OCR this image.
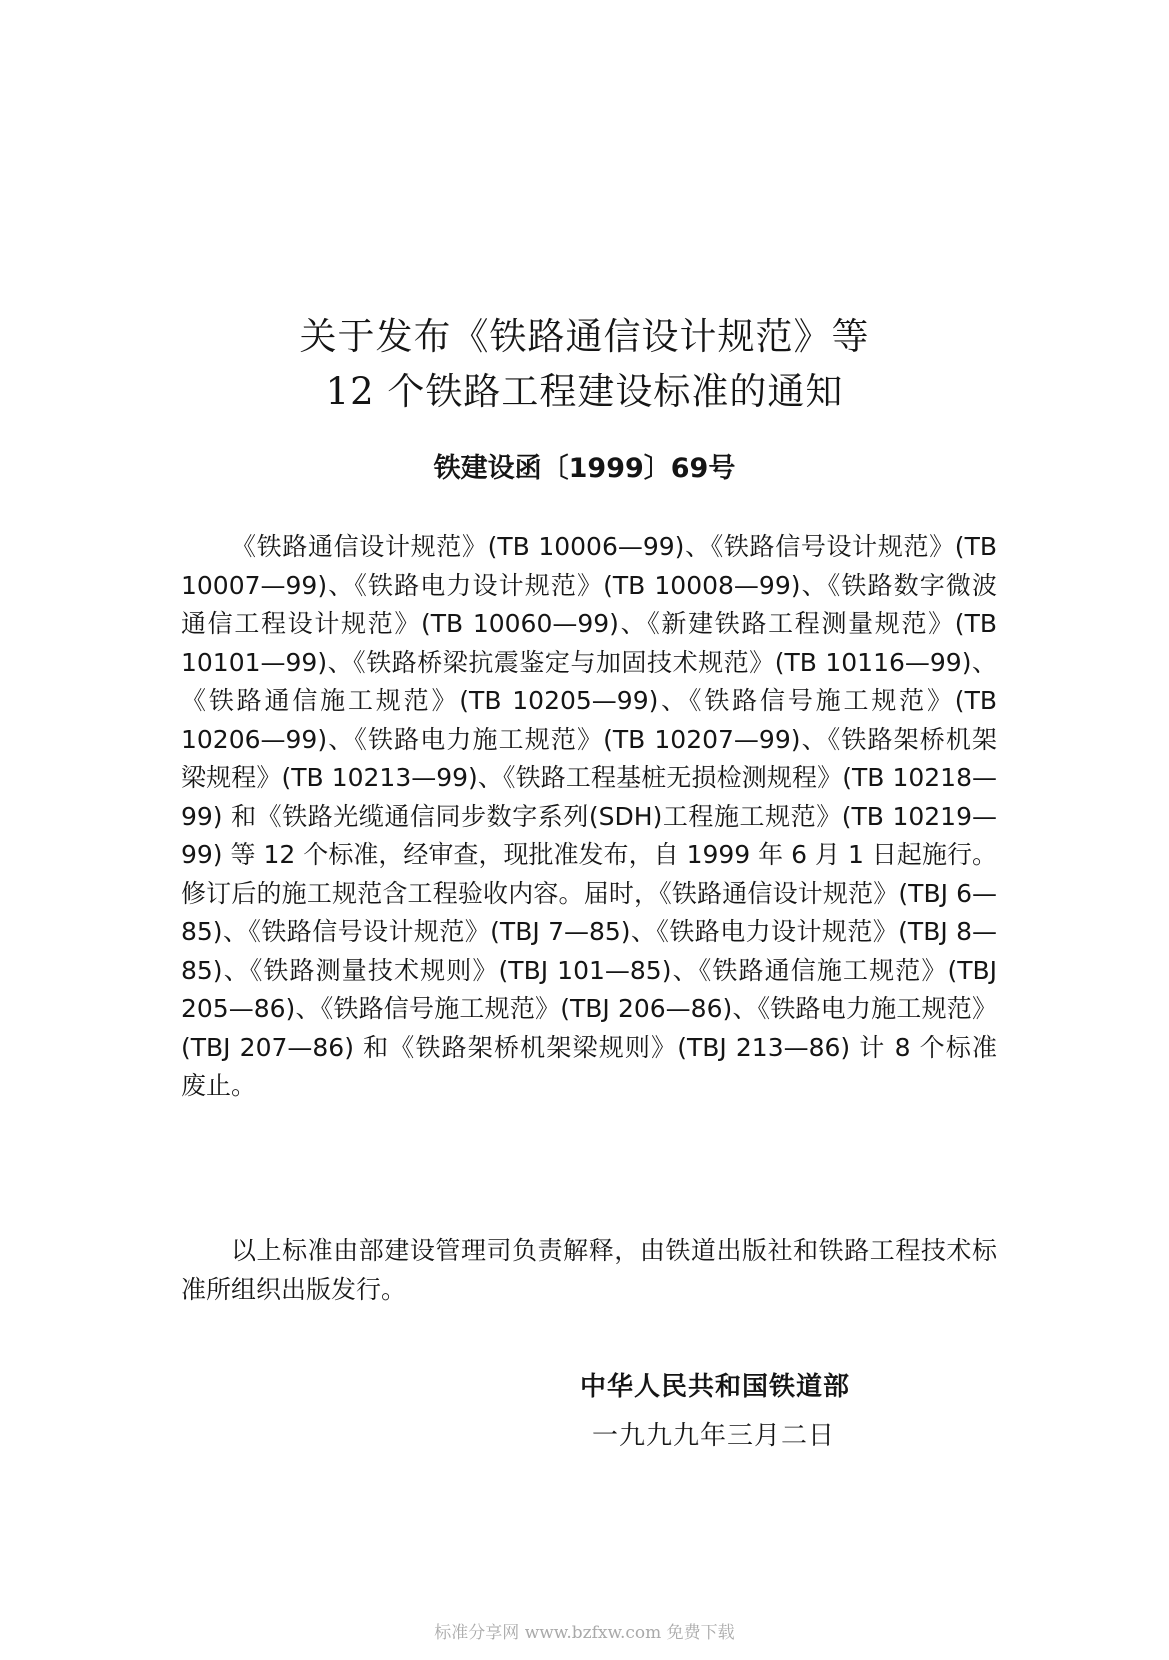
关于发布《铁路通信设计规范》等
12 个铁路工程建设标准的通知
铁建设函〔1999〕69号
《铁路通信设计规范》(TB 10006—99)、《铁路信号设计规范》(TB 10007—99)、《铁路电力设计规范》(TB 10008—99)、《铁路数字微波通信工程设计规范》(TB 10060—99)、《新建铁路工程测量规范》(TB 10101—99)、《铁路桥梁抗震鉴定与加固技术规范》(TB 10116—99)、《铁路通信施工规范》(TB 10205—99)、《铁路信号施工规范》(TB 10206—99)、《铁路电力施工规范》(TB 10207—99)、《铁路架桥机架梁规程》(TB 10213—99)、《铁路工程基桩无损检测规程》(TB 10218—99) 和《铁路光缆通信同步数字系列(SDH)工程施工规范》(TB 10219—99) 等 12 个标准，经审查，现批准发布，自 1999 年 6 月 1 日起施行。修订后的施工规范含工程验收内容。届时，《铁路通信设计规范》(TBJ 6—85)、《铁路信号设计规范》(TBJ 7—85)、《铁路电力设计规范》(TBJ 8—85)、《铁路测量技术规则》(TBJ 101—85)、《铁路通信施工规范》(TBJ 205—86)、《铁路信号施工规范》(TBJ 206—86)、《铁路电力施工规范》(TBJ 207—86) 和《铁路架桥机架梁规则》(TBJ 213—86) 计 8 个标准废止。
以上标准由部建设管理司负责解释，由铁道出版社和铁路工程技术标准所组织出版发行。
中华人民共和国铁道部
一九九九年三月二日
标准分享网 www.bzfxw.com 免费下载
